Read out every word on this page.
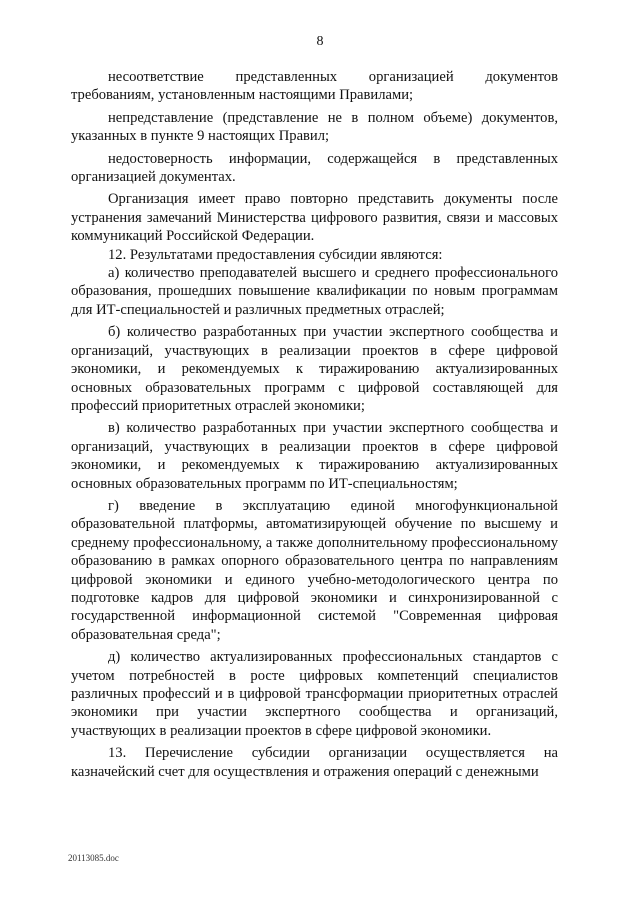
8

несоответствие представленных организацией документов требованиям, установленным настоящими Правилами;

непредставление (представление не в полном объеме) документов, указанных в пункте 9 настоящих Правил;

недостоверность информации, содержащейся в представленных организацией документах.

Организация имеет право повторно представить документы после устранения замечаний Министерства цифрового развития, связи и массовых коммуникаций Российской Федерации.

12. Результатами предоставления субсидии являются:

а) количество преподавателей высшего и среднего профессионального образования, прошедших повышение квалификации по новым программам для ИТ-специальностей и различных предметных отраслей;

б) количество разработанных при участии экспертного сообщества и организаций, участвующих в реализации проектов в сфере цифровой экономики, и рекомендуемых к тиражированию актуализированных основных образовательных программ с цифровой составляющей для профессий приоритетных отраслей экономики;

в) количество разработанных при участии экспертного сообщества и организаций, участвующих в реализации проектов в сфере цифровой экономики, и рекомендуемых к тиражированию актуализированных основных образовательных программ по ИТ-специальностям;

г) введение в эксплуатацию единой многофункциональной образовательной платформы, автоматизирующей обучение по высшему и среднему профессиональному, а также дополнительному профессиональному образованию в рамках опорного образовательного центра по направлениям цифровой экономики и единого учебно-методологического центра по подготовке кадров для цифровой экономики и синхронизированной с государственной информационной системой "Современная цифровая образовательная среда";

д) количество актуализированных профессиональных стандартов с учетом потребностей в росте цифровых компетенций специалистов различных профессий и в цифровой трансформации приоритетных отраслей экономики при участии экспертного сообщества и организаций, участвующих в реализации проектов в сфере цифровой экономики.

13. Перечисление субсидии организации осуществляется на казначейский счет для осуществления и отражения операций с денежными

20113085.doc
